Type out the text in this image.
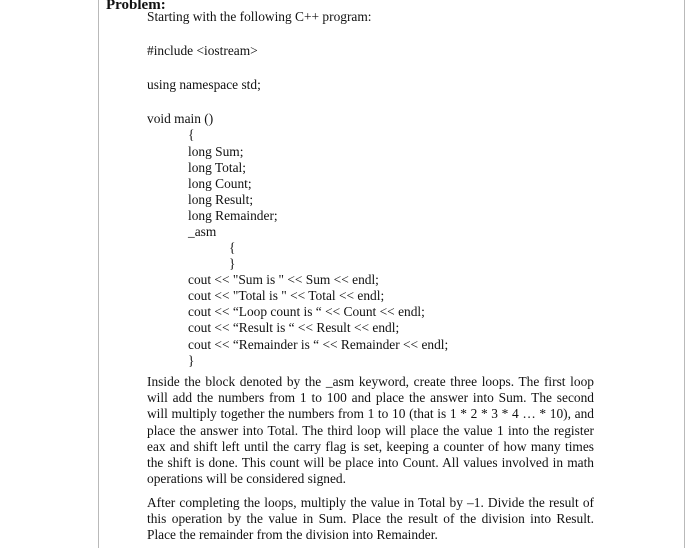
Problem:
Starting with the following C++ program:
#include <iostream>
using namespace std;
void main ()
{
long Sum;
long Total;
long Count;
long Result;
long Remainder;
_asm
{
}
cout << "Sum is " << Sum << endl;
cout << "Total is " << Total << endl;
cout << “Loop count is “ << Count << endl;
cout << “Result is “ << Result << endl;
cout << “Remainder is “ << Remainder << endl;
}
Inside the block denoted by the _asm keyword, create three loops. The first loop will add the numbers from 1 to 100 and place the answer into Sum. The second will multiply together the numbers from 1 to 10 (that is 1 * 2 * 3 * 4 … * 10), and place the answer into Total. The third loop will place the value 1 into the register eax and shift left until the carry flag is set, keeping a counter of how many times the shift is done. This count will be place into Count. All values involved in math operations will be considered signed.
After completing the loops, multiply the value in Total by –1. Divide the result of this operation by the value in Sum. Place the result of the division into Result. Place the remainder from the division into Remainder.
